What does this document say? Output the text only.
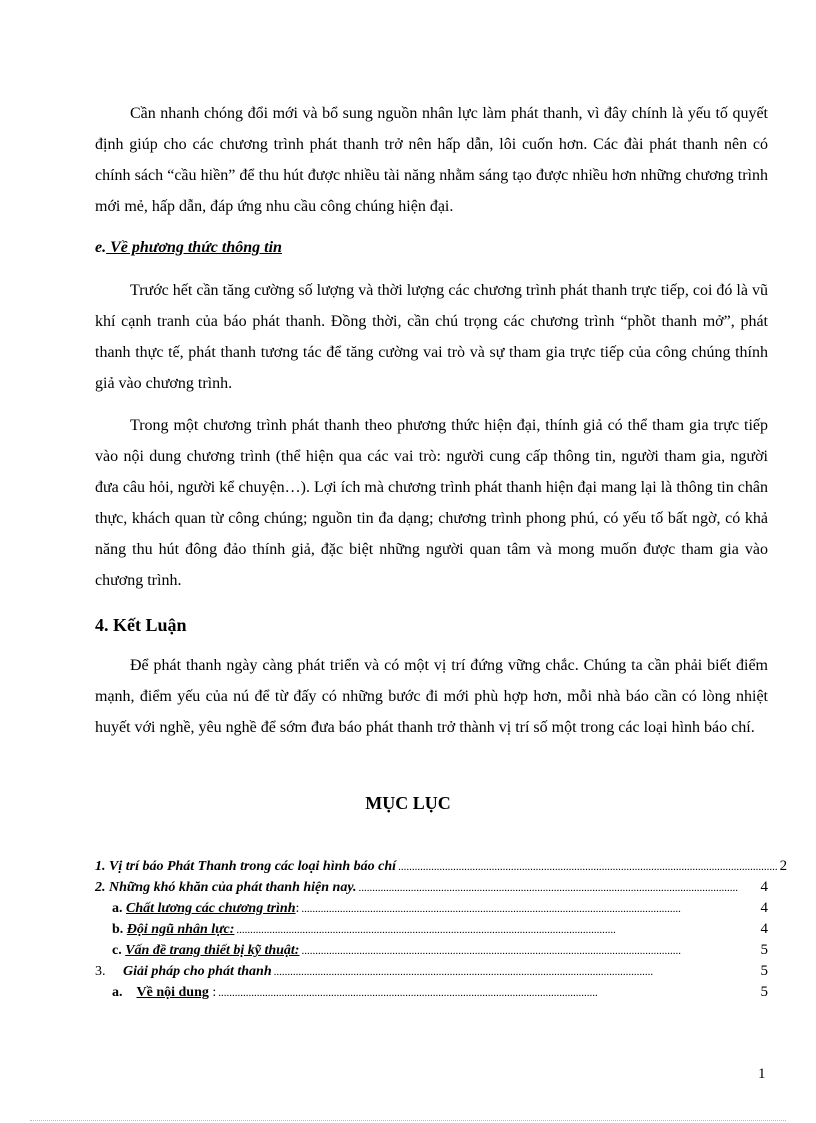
Cần nhanh chóng đổi mới và bổ sung nguồn nhân lực làm phát thanh, vì đây chính là yếu tố quyết định giúp cho các chương trình phát thanh trở nên hấp dẫn, lôi cuốn hơn. Các đài phát thanh nên có chính sách “cầu hiền” để thu hút được nhiều tài năng nhằm sáng tạo được nhiều hơn những chương trình mới mẻ, hấp dẫn, đáp ứng nhu cầu công chúng hiện đại.

e. Về phương thức thông tin

Trước hết cần tăng cường số lượng và thời lượng các chương trình phát thanh trực tiếp, coi đó là vũ khí cạnh tranh của báo phát thanh. Đồng thời, cần chú trọng các chương trình “phồt thanh mở”, phát thanh thực tế, phát thanh tương tác để tăng cường vai trò và sự tham gia trực tiếp của công chúng thính giả vào chương trình.

Trong một chương trình phát thanh theo phương thức hiện đại, thính giả có thể tham gia trực tiếp vào nội dung chương trình (thể hiện qua các vai trò: người cung cấp thông tin, người tham gia, người đưa câu hỏi, người kể chuyện…). Lợi ích mà chương trình phát thanh hiện đại mang lại là thông tin chân thực, khách quan từ công chúng; nguồn tin đa dạng; chương trình phong phú, có yếu tố bất ngờ, có khả năng thu hút đông đảo thính giả, đặc biệt những người quan tâm và mong muốn được tham gia vào chương trình.

4. Kết Luận

Để phát thanh ngày càng phát triển và có một vị trí đứng vững chắc. Chúng ta cần phải biết điểm mạnh, điểm yếu của nú để từ đấy có những bước đi mới phù hợp hơn, mỗi nhà báo cần có lòng nhiệt huyết với nghề, yêu nghề để sớm đưa báo phát thanh trở thành vị trí số một trong các loại hình báo chí.

MỤC LỤC

1. Vị trí báo Phát Thanh trong các loại hình báo chí .......................................................................................................................................... 2
2. Những khó khăn của phát thanh hiện nay. ..........................................................................................................................................	4
a. Chất lương các chương trình: ..........................................................................................................................................	4
b. Đội ngũ nhân lực: ..........................................................................................................................................	4
c. Vấn đề trang thiết bị kỹ thuật: ..........................................................................................................................................	5
3. Giải pháp cho phát thanh ..........................................................................................................................................	5
a. Về nội dung : ..........................................................................................................................................	5
1
